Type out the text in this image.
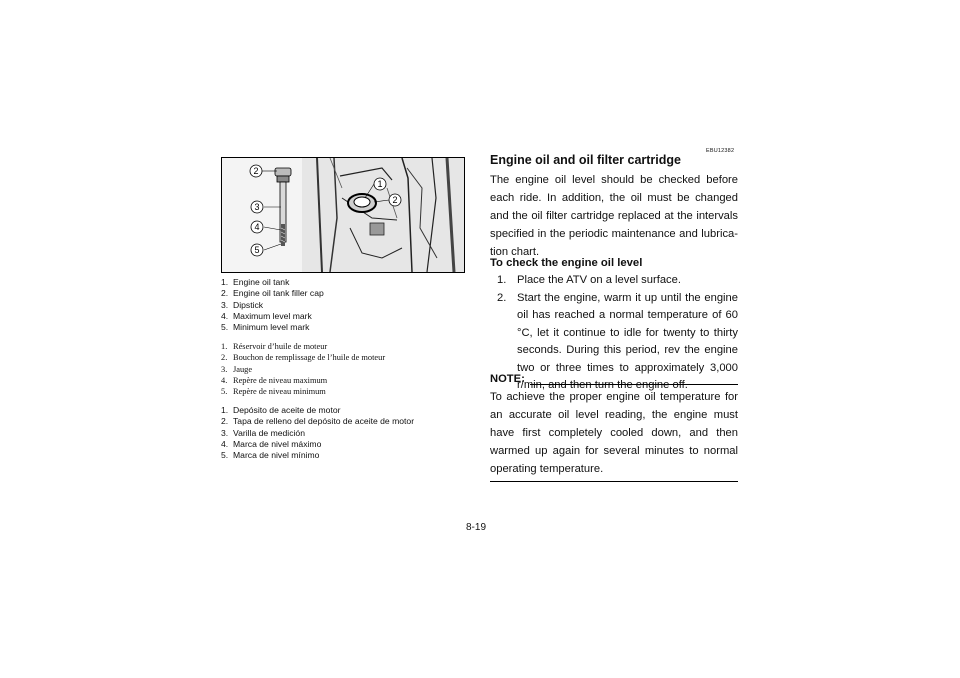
2
3
4
5
1
2
1. Engine oil tank
2. Engine oil tank filler cap
3. Dipstick
4. Maximum level mark
5. Minimum level mark
1. Réservoir d’huile de moteur
2. Bouchon de remplissage de l’huile de moteur
3. Jauge
4. Repère de niveau maximum
5. Repère de niveau minimum
1. Depósito de aceite de motor
2. Tapa de relleno del depósito de aceite de motor
3. Varilla de medición
4. Marca de nivel máximo
5. Marca de nivel mínimo
EBU12382
Engine oil and oil filter cartridge
The engine oil level should be checked before each ride. In addition, the oil must be changed and the oil filter cartridge replaced at the intervals specified in the periodic maintenance and lubrica-tion chart.
To check the engine oil level
1. Place the ATV on a level surface.
2. Start the engine, warm it up until the engine oil has reached a normal temperature of 60 °C, let it continue to idle for twenty to thirty seconds. During this period, rev the engine two or three times to approximately 3,000 r/min, and then turn the engine off.
NOTE:
To achieve the proper engine oil temperature for an accurate oil level reading, the engine must have first completely cooled down, and then warmed up again for several minutes to normal operating temperature.
8-19
